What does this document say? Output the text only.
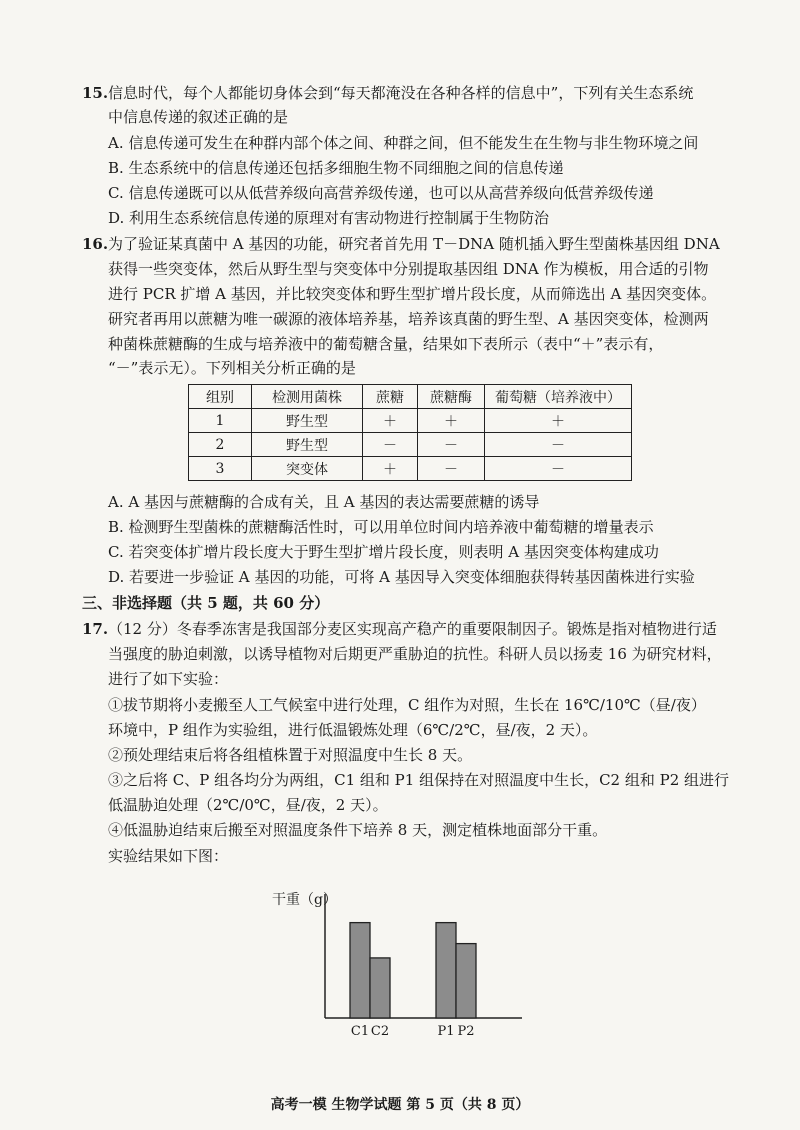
15.信息时代，每个人都能切身体会到“每天都淹没在各种各样的信息中”，下列有关生态系统
中信息传递的叙述正确的是
A. 信息传递可发生在种群内部个体之间、种群之间，但不能发生在生物与非生物环境之间
B. 生态系统中的信息传递还包括多细胞生物不同细胞之间的信息传递
C. 信息传递既可以从低营养级向高营养级传递，也可以从高营养级向低营养级传递
D. 利用生态系统信息传递的原理对有害动物进行控制属于生物防治
16.为了验证某真菌中 A 基因的功能，研究者首先用 T－DNA 随机插入野生型菌株基因组 DNA
获得一些突变体，然后从野生型与突变体中分别提取基因组 DNA 作为模板，用合适的引物
进行 PCR 扩增 A 基因，并比较突变体和野生型扩增片段长度，从而筛选出 A 基因突变体。
研究者再用以蔗糖为唯一碳源的液体培养基，培养该真菌的野生型、A 基因突变体，检测两
种菌株蔗糖酶的生成与培养液中的葡萄糖含量，结果如下表所示（表中“＋”表示有，
“－”表示无）。下列相关分析正确的是
组别	检测用菌株	蔗糖	蔗糖酶	葡萄糖（培养液中）
1	野生型	＋	＋	＋
2	野生型	－	－	－
3	突变体	＋	－	－
A. A 基因与蔗糖酶的合成有关，且 A 基因的表达需要蔗糖的诱导
B. 检测野生型菌株的蔗糖酶活性时，可以用单位时间内培养液中葡萄糖的增量表示
C. 若突变体扩增片段长度大于野生型扩增片段长度，则表明 A 基因突变体构建成功
D. 若要进一步验证 A 基因的功能，可将 A 基因导入突变体细胞获得转基因菌株进行实验
三、非选择题（共 5 题，共 60 分）
17.（12 分）冬春季冻害是我国部分麦区实现高产稳产的重要限制因子。锻炼是指对植物进行适
当强度的胁迫刺激，以诱导植物对后期更严重胁迫的抗性。科研人员以扬麦 16 为研究材料，
进行了如下实验：
①拔节期将小麦搬至人工气候室中进行处理，C 组作为对照，生长在 16℃/10℃（昼/夜）
环境中，P 组作为实验组，进行低温锻炼处理（6℃/2℃，昼/夜，2 天）。
②预处理结束后将各组植株置于对照温度中生长 8 天。
③之后将 C、P 组各均分为两组，C1 组和 P1 组保持在对照温度中生长，C2 组和 P2 组进行
低温胁迫处理（2℃/0℃，昼/夜，2 天）。
④低温胁迫结束后搬至对照温度条件下培养 8 天，测定植株地面部分干重。
实验结果如下图：
干重（g）
C1 C2	P1 P2
高考一模 生物学试题 第 5 页（共 8 页）
